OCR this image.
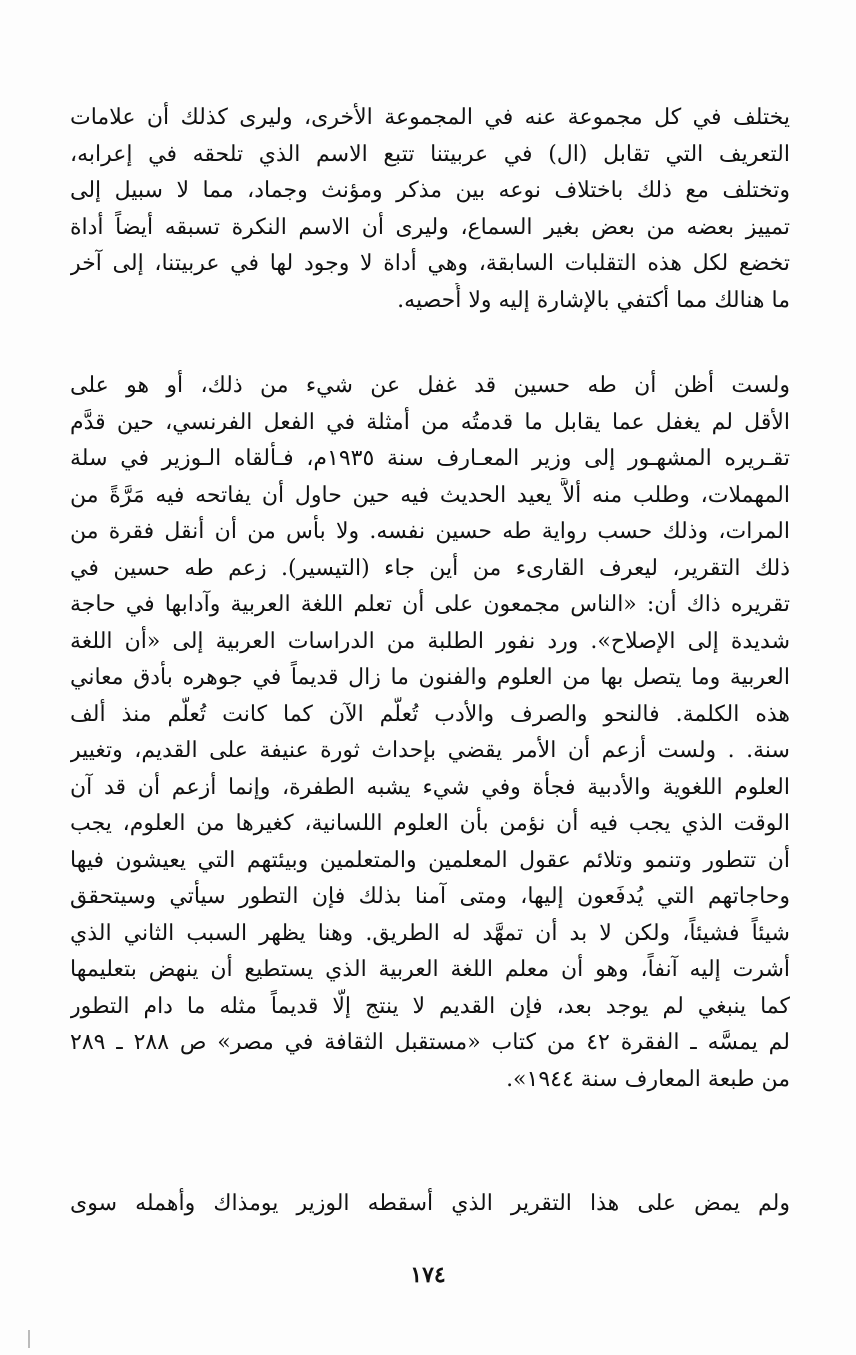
يختلف في كل مجموعة عنه في المجموعة الأخرى، وليرى كذلك أن علامات
التعريف التي تقابل (ال) في عربيتنا تتبع الاسم الذي تلحقه في إعرابه،
وتختلف مع ذلك باختلاف نوعه بين مذكر ومؤنث وجماد، مما لا سبيل إلى
تمييز بعضه من بعض بغير السماع، وليرى أن الاسم النكرة تسبقه أيضاً أداة
تخضع لكل هذه التقلبات السابقة، وهي أداة لا وجود لها في عربيتنا، إلى آخر
ما هنالك مما أكتفي بالإشارة إليه ولا أُحصيه.
ولست أظن أن طه حسين قد غفل عن شيء من ذلك، أو هو على
الأقل لم يغفل عما يقابل ما قدمتُه من أمثلة في الفعل الفرنسي، حين قدَّم
تقـريره المشهـور إلى وزير المعـارف سنة ١٩٣٥م، فـألقاه الـوزير في سلة
المهملات، وطلب منه ألاَّ يعيد الحديث فيه حين حاول أن يفاتحه فيه مَرَّةً من
المرات، وذلك حسب رواية طه حسين نفسه. ولا بأس من أن أنقل فقرة من
ذلك التقرير، ليعرف القارىء من أين جاء (التيسير). زعم طه حسين في
تقريره ذاك أن: «الناس مجمعون على أن تعلم اللغة العربية وآدابها في حاجة
شديدة إلى الإصلاح». ورد نفور الطلبة من الدراسات العربية إلى «أن اللغة
العربية وما يتصل بها من العلوم والفنون ما زال قديماً في جوهره بأدق معاني
هذه الكلمة. فالنحو والصرف والأدب تُعلَّم الآن كما كانت تُعلَّم منذ ألف
سنة. . ولست أزعم أن الأمر يقضي بإحداث ثورة عنيفة على القديم، وتغيير
العلوم اللغوية والأدبية فجأة وفي شيء يشبه الطفرة، وإنما أزعم أن قد آن
الوقت الذي يجب فيه أن نؤمن بأن العلوم اللسانية، كغيرها من العلوم، يجب
أن تتطور وتنمو وتلائم عقول المعلمين والمتعلمين وبيئتهم التي يعيشون فيها
وحاجاتهم التي يُدفَعون إليها، ومتى آمنا بذلك فإن التطور سيأتي وسيتحقق
شيئاً فشيئاً، ولكن لا بد أن تمهَّد له الطريق. وهنا يظهر السبب الثاني الذي
أشرت إليه آنفاً، وهو أن معلم اللغة العربية الذي يستطيع أن ينهض بتعليمها
كما ينبغي لم يوجد بعد، فإن القديم لا ينتج إلَّا قديماً مثله ما دام التطور
لم يمسَّه ـ الفقرة ٤٢ من كتاب «مستقبل الثقافة في مصر» ص ٢٨٨ ـ ٢٨٩
من طبعة المعارف سنة ١٩٤٤».
ولم يمض على هذا التقرير الذي أسقطه الوزير يومذاك وأهمله سوى
١٧٤
